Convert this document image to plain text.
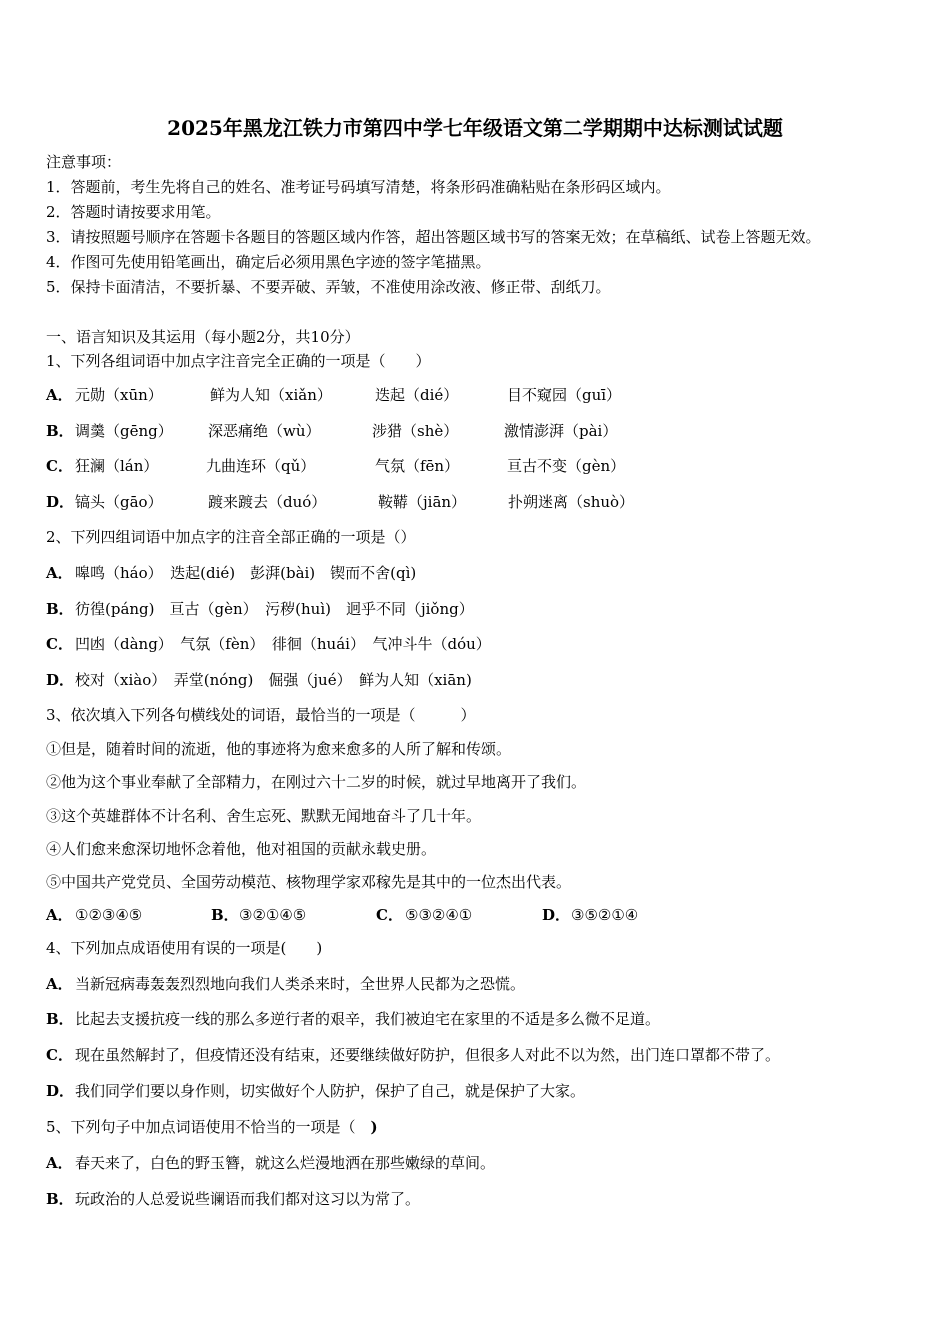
2025年黑龙江铁力市第四中学七年级语文第二学期期中达标测试试题
注意事项：
1．答题前，考生先将自己的姓名、准考证号码填写清楚，将条形码准确粘贴在条形码区域内。
2．答题时请按要求用笔。
3．请按照题号顺序在答题卡各题目的答题区域内作答，超出答题区域书写的答案无效；在草稿纸、试卷上答题无效。
4．作图可先使用铅笔画出，确定后必须用黑色字迹的签字笔描黑。
5．保持卡面清洁，不要折暴、不要弄破、弄皱，不准使用涂改液、修正带、刮纸刀。
一、语言知识及其运用（每小题2分，共10分）
1、下列各组词语中加点字注音完全正确的一项是（　　）
A． 元勋（xūn）	鲜为人知（xiǎn）	迭起（dié）	目不窥园（guī）
B． 调羹（gēng） 深恶痛绝（wù）	涉猎（shè）	激情澎湃（pài）
C． 狂澜（lán）	九曲连环（qǔ）	气氛（fēn）	亘古不变（gèn）
D． 镐头（gāo）	踱来踱去（duó）	鞍鞯（jiān）	扑朔迷离（shuò）
2、下列四组词语中加点字的注音全部正确的一项是（）
A． 嗥鸣（háo）　迭起(dié)　彭湃(bài)　锲而不舍(qì)
B． 彷徨(páng)　亘古（gèn）　污秽(huì)　迥乎不同（jiǒng）
C． 凹凼（dàng）　气氛（fèn）　徘徊（huái）　气冲斗牛（dóu）
D． 校对（xiào）　弄堂(nóng)　倔强（jué）　鲜为人知（xiān)
3、依次填入下列各句横线处的词语，最恰当的一项是（　　　）
①但是，随着时间的流逝，他的事迹将为愈来愈多的人所了解和传颂。
②他为这个事业奉献了全部精力，在刚过六十二岁的时候，就过早地离开了我们。
③这个英雄群体不计名利、舍生忘死、默默无闻地奋斗了几十年。
④人们愈来愈深切地怀念着他，他对祖国的贡献永载史册。
⑤中国共产党党员、全国劳动模范、核物理学家邓稼先是其中的一位杰出代表。
A． ①②③④⑤	B． ③②①④⑤	C． ⑤③②④①	D． ③⑤②①④
4、下列加点成语使用有误的一项是(　　)
A． 当新冠病毒轰轰烈烈地向我们人类杀来时，全世界人民都为之恐慌。
B． 比起去支援抗疫一线的那么多逆行者的艰辛，我们被迫宅在家里的不适是多么微不足道。
C． 现在虽然解封了，但疫情还没有结束，还要继续做好防护，但很多人对此不以为然，出门连口罩都不带了。
D． 我们同学们要以身作则，切实做好个人防护，保护了自己，就是保护了大家。
5、下列句子中加点词语使用不恰当的一项是（　)
A． 春天来了，白色的野玉簪，就这么烂漫地洒在那些嫩绿的草间。
B． 玩政治的人总爱说些谰语而我们都对这习以为常了。
